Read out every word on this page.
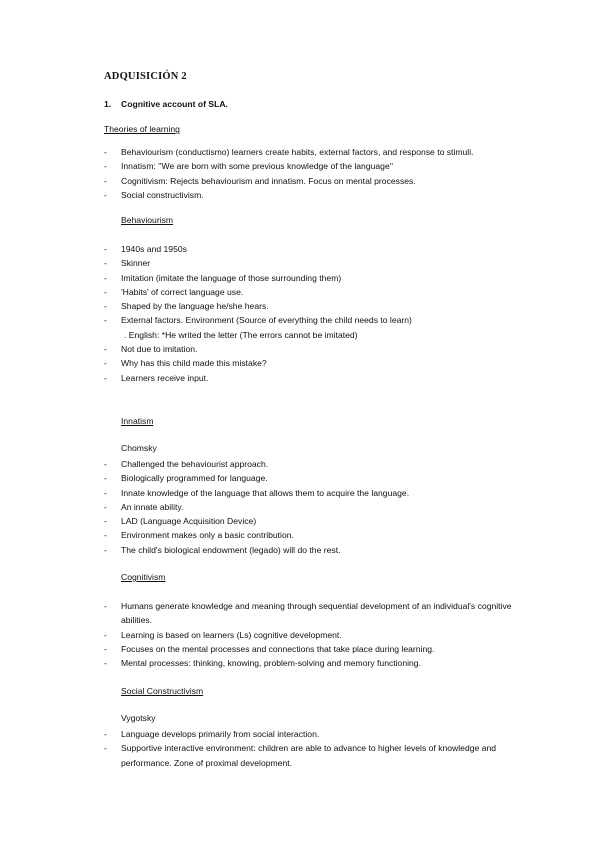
ADQUISICIÓN 2
1. Cognitive account of SLA.
Theories of learning
- Behaviourism (conductismo) learners create habits, external factors, and response to stimuli.
- Innatism: ''We are born with some previous knowledge of the language''
- Cognitivism: Rejects behaviourism and innatism. Focus on mental processes.
- Social constructivism.
Behaviourism
- 1940s and 1950s
- Skinner
- Imitation (imitate the language of those surrounding them)
- 'Habits' of correct language use.
- Shaped by the language he/she hears.
- External factors. Environment (Source of everything the child needs to learn)
. English: *He writed the letter (The errors cannot be imitated)
- Not due to imitation.
- Why has this child made this mistake?
- Learners receive input.
Innatism
Chomsky
- Challenged the behaviourist approach.
- Biologically programmed for language.
- Innate knowledge of the language that allows them to acquire the language.
- An innate ability.
- LAD (Language Acquisition Device)
- Environment makes only a basic contribution.
- The child's biological endowment (legado) will do the rest.
Cognitivism
- Humans generate knowledge and meaning through sequential development of an individual's cognitive abilities.
- Learning is based on learners (Ls) cognitive development.
- Focuses on the mental processes and connections that take place during learning.
- Mental processes: thinking, knowing, problem-solving and memory functioning.
Social Constructivism
Vygotsky
- Language develops primarily from social interaction.
- Supportive interactive environment: children are able to advance to higher levels of knowledge and performance. Zone of proximal development.
